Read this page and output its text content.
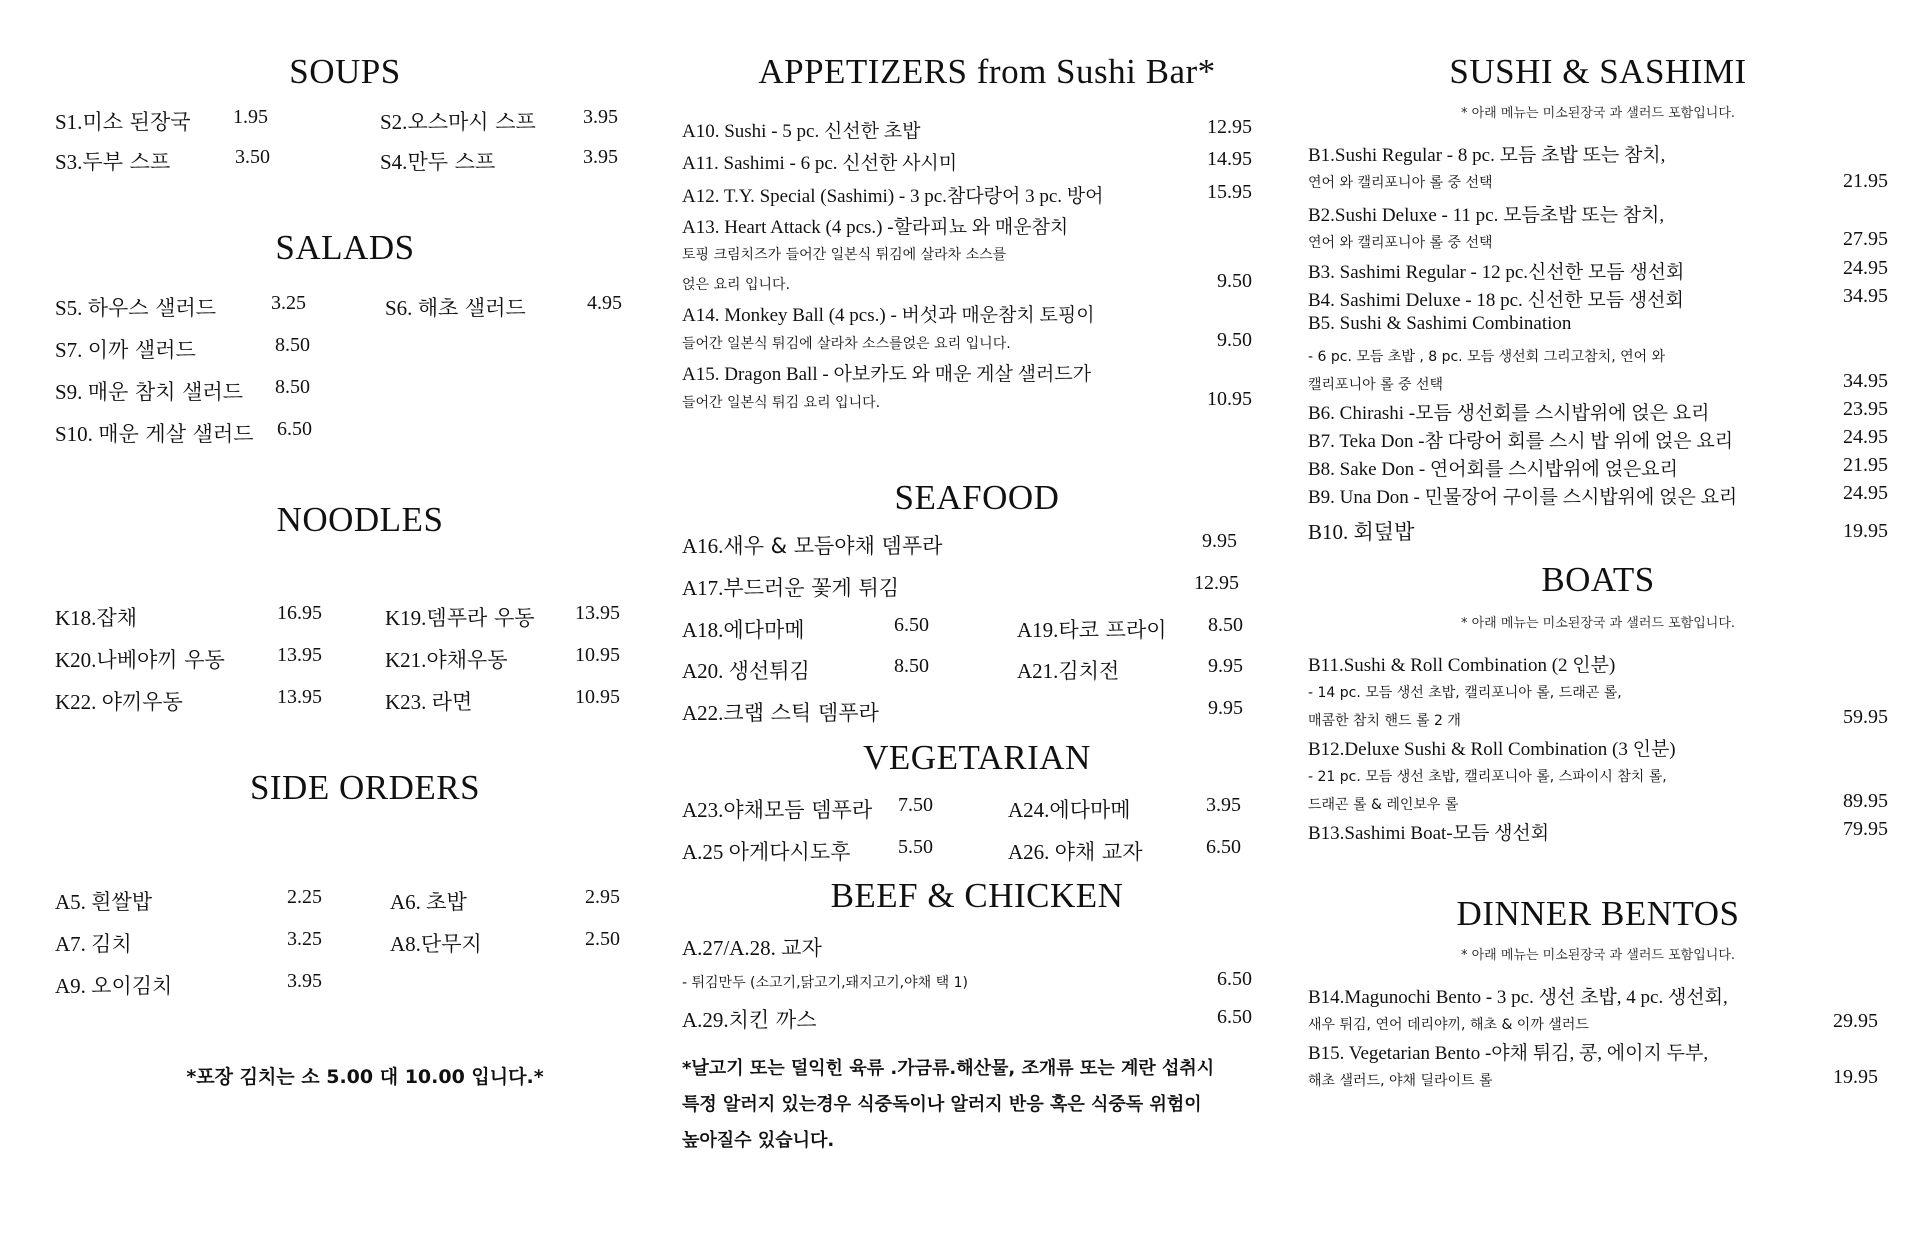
SOUPS
S1.미소 된장국 1.95	S2.오스마시 스프 3.95
S3.두부 스프	3.50	S4.만두 스프	3.95
SALADS
S5. 하우스 샐러드	3.25	S6. 해초 샐러드	4.95
S7. 이까 샐러드	8.50
S9. 매운 참치 샐러드 8.50
S10. 매운 게살 샐러드 6.50
NOODLES
K18.잡채	16.95	K19.뎀푸라 우동 13.95
K20.나베야끼 우동	13.95	K21.야채우동	10.95
K22. 야끼우동	13.95	K23. 라면	10.95
SIDE ORDERS
A5. 흰쌀밥	2.25	A6. 초밥	2.95
A7. 김치	3.25	A8.단무지	2.50
A9. 오이김치	3.95
*포장 김치는 소 5.00 대 10.00 입니다.*
APPETIZERS from Sushi Bar*
A10. Sushi - 5 pc. 신선한 초밥	12.95
A11. Sashimi - 6 pc. 신선한 사시미	14.95
A12. T.Y. Special (Sashimi) - 3 pc.참다랑어 3 pc. 방어	15.95
A13. Heart Attack (4 pcs.) -할라피뇨 와 매운참치
토핑 크림치즈가 들어간 일본식 튀김에 살라차 소스를
얹은 요리 입니다.	9.50
A14. Monkey Ball (4 pcs.) - 버섯과 매운참치 토핑이
들어간 일본식 튀김에 살라차 소스를얹은 요리 입니다.	9.50
A15. Dragon Ball - 아보카도 와 매운 게살 샐러드가
들어간 일본식 튀김 요리 입니다.	10.95
SEAFOOD
A16.새우 & 모듬야채 뎀푸라	9.95
A17.부드러운 꽃게 튀김	12.95
A18.에다마메	6.50	A19.타코 프라이 8.50
A20. 생선튀김	8.50	A21.김치전	9.95
A22.크랩 스틱 뎀푸라	9.95
VEGETARIAN
A23.야채모듬 뎀푸라 7.50	A24.에다마메	3.95
A.25 아게다시도후 5.50	A26. 야채 교자	6.50
BEEF & CHICKEN
A.27/A.28. 교자
- 튀김만두 (소고기,닭고기,돼지고기,야채 택 1)	6.50
A.29.치킨 까스	6.50
*날고기 또는 덜익힌 육류 .가금류.해산물, 조개류 또는 계란 섭취시
특정 알러지 있는경우 식중독이나 알러지 반응 혹은 식중독 위험이
높아질수 있습니다.
SUSHI & SASHIMI
* 아래 메뉴는 미소된장국 과 샐러드 포함입니다.
B1.Sushi Regular - 8 pc. 모듬 초밥 또는 참치,
연어 와 캘리포니아 롤 중 선택	21.95
B2.Sushi Deluxe - 11 pc. 모듬초밥 또는 참치,
연어 와 캘리포니아 롤 중 선택	27.95
B3. Sashimi Regular - 12 pc.신선한 모듬 생선회	24.95
B4. Sashimi Deluxe - 18 pc. 신선한 모듬 생선회	34.95
B5. Sushi & Sashimi Combination
- 6 pc. 모듬 초밥 , 8 pc. 모듬 생선회 그리고참치, 연어 와
캘리포니아 롤 중 선택	34.95
B6. Chirashi -모듬 생선회를 스시밥위에 얹은 요리	23.95
B7. Teka Don -참 다랑어 회를 스시 밥 위에 얹은 요리	24.95
B8. Sake Don - 연어회를 스시밥위에 얹은요리	21.95
B9. Una Don - 민물장어 구이를 스시밥위에 얹은 요리	24.95
B10. 회덮밥	19.95
BOATS
* 아래 메뉴는 미소된장국 과 샐러드 포함입니다.
B11.Sushi & Roll Combination (2 인분)
- 14 pc. 모듬 생선 초밥, 캘리포니아 롤, 드래곤 롤,
매콤한 참치 핸드 롤 2 개	59.95
B12.Deluxe Sushi & Roll Combination (3 인분)
- 21 pc. 모듬 생선 초밥, 캘리포니아 롤, 스파이시 참치 롤,
드래곤 롤 & 레인보우 롤	89.95
B13.Sashimi Boat-모듬 생선회	79.95
DINNER BENTOS
* 아래 메뉴는 미소된장국 과 샐러드 포함입니다.
B14.Magunochi Bento - 3 pc. 생선 초밥, 4 pc. 생선회,
새우 튀김, 연어 데리야끼, 해초 & 이까 샐러드	29.95
B15. Vegetarian Bento -야채 튀김, 콩, 에이지 두부,
해초 샐러드, 야채 딜라이트 롤	19.95
